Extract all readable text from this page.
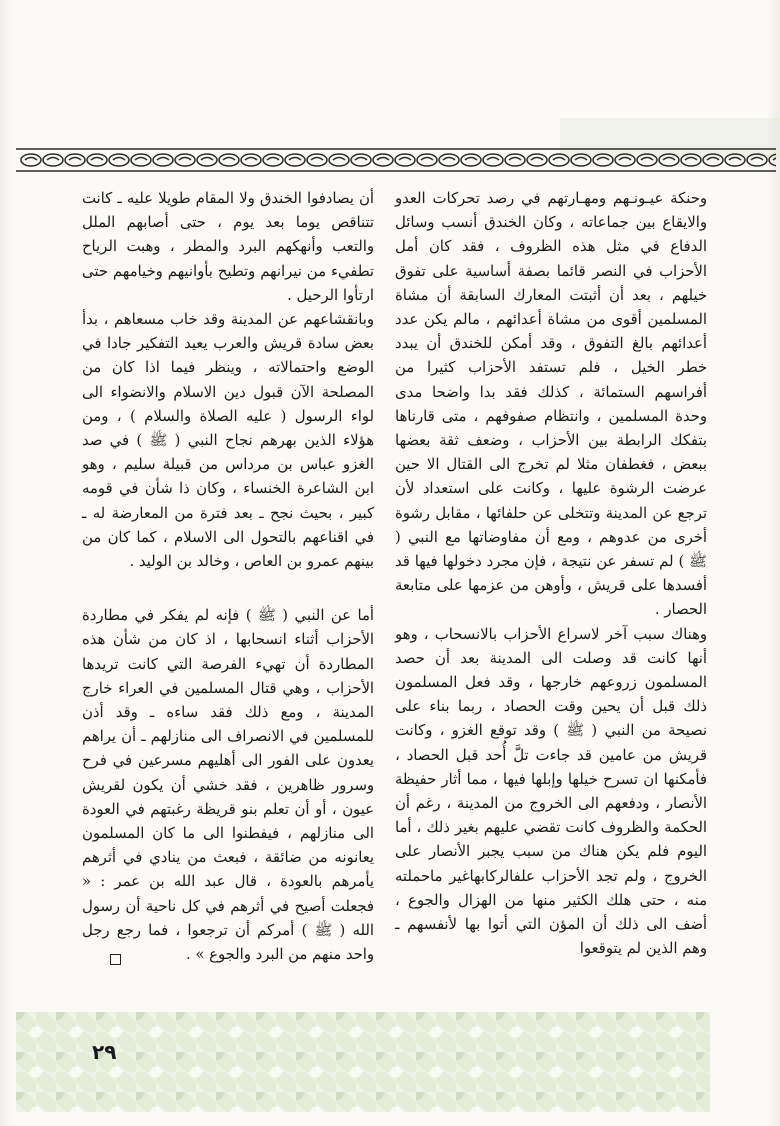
وحنكة عيـونـهم ومهـارتهم في رصد تحركات العدو والايقاع بين جماعاته ، وكان الخندق أنسب وسائل الدفاع في مثل هذه الظروف ، فقد كان أمل الأحزاب في النصر قائما بصفة أساسية على تفوق خيلهم ، بعد أن أثبتت المعارك السابقة أن مشاة المسلمين أقوى من مشاة أعدائهم ، مالم يكن عدد أعدائهم بالغ التفوق ، وقد أمكن للخندق أن يبدد خطر الخيل ، فلم تستفد الأحزاب كثيرا من أفراسهم الستمائة ، كذلك فقد بدا واضحا مدى وحدة المسلمين ، وانتظام صفوفهم ، متى قارناها بتفكك الرابطة بين الأحزاب ، وضعف ثقة بعضها ببعض ، فغطفان مثلا لم تخرج الى القتال الا حين عرضت الرشوة عليها ، وكانت على استعداد لأن ترجع عن المدينة وتتخلى عن حلفائها ، مقابل رشوة أخرى من عدوهم ، ومع أن مفاوضاتها مع النبي ( ﷺ ) لم تسفر عن نتيجة ، فإن مجرد دخولها فيها قد أفسدها على قريش ، وأوهن من عزمها على متابعة الحصار .

وهناك سبب آخر لاسراع الأحزاب بالانسحاب ، وهو أنها كانت قد وصلت الى المدينة بعد أن حصد المسلمون زروعهم خارجها ، وقد فعل المسلمون ذلك قبل أن يحين وقت الحصاد ، ربما بناء على نصيحة من النبي ( ﷺ ) وقد توقع الغزو ، وكانت قريش من عامين قد جاءت تلَّ أُحد قبل الحصاد ، فأمكنها ان تسرح خيلها وإبلها فيها ، مما أثار حفيظة الأنصار ، ودفعهم الى الخروج من المدينة ، رغم أن الحكمة والظروف كانت تقضي عليهم بغير ذلك ، أما اليوم فلم يكن هناك من سبب يجبر الأنصار على الخروج ، ولم تجد الأحزاب علفالركابهاغير ماحملته منه ، حتى هلك الكثير منها من الهزال والجوع ، أضف الى ذلك أن المؤن التي أتوا بها لأنفسهم ـ وهم الذين لم يتوقعوا

أن يصادفوا الخندق ولا المقام طويلا عليه ـ كانت تتناقص يوما بعد يوم ، حتى أصابهم الملل والتعب وأنهكهم البرد والمطر ، وهبت الرياح تطفيء من نيرانهم وتطيح بأوانيهم وخيامهم حتى ارتأوا الرحيل .

وبانقشاعهم عن المدينة وقد خاب مسعاهم ، بدأ بعض سادة قريش والعرب يعيد التفكير جادا في الوضع واحتمالاته ، وينظر فيما اذا كان من المصلحة الآن قبول دين الاسلام والانضواء الى لواء الرسول ( عليه الصلاة والسلام ) ، ومن هؤلاء الذين بهرهم نجاح النبي ( ﷺ ) في صد الغزو عباس بن مرداس من قبيلة سليم ، وهو ابن الشاعرة الخنساء ، وكان ذا شأن في قومه كبير ، بحيث نجح ـ بعد فترة من المعارضة له ـ في اقناعهم بالتحول الى الاسلام ، كما كان من بينهم عمرو بن العاص ، وخالد بن الوليد .

أما عن النبي ( ﷺ ) فإنه لم يفكر في مطاردة الأحزاب أثناء انسحابها ، اذ كان من شأن هذه المطاردة أن تهيء الفرصة التي كانت تريدها الأحزاب ، وهي قتال المسلمين في العراء خارج المدينة ، ومع ذلك فقد ساءه ـ وقد أذن للمسلمين في الانصراف الى منازلهم ـ أن يراهم يعدون على الفور الى أهليهم مسرعين في فرح وسرور ظاهرين ، فقد خشي أن يكون لقريش عيون ، أو أن تعلم بنو قريظة رغبتهم في العودة الى منازلهم ، فيفطنوا الى ما كان المسلمون يعانونه من ضائقة ، فبعث من ينادي في أثرهم يأمرهم بالعودة ، قال عبد الله بن عمر : « فجعلت أصيح في أثرهم في كل ناحية أن رسول الله ( ﷺ ) أمركم أن ترجعوا ، فما رجع رجل واحد منهم من البرد والجوع » .

٢٩
